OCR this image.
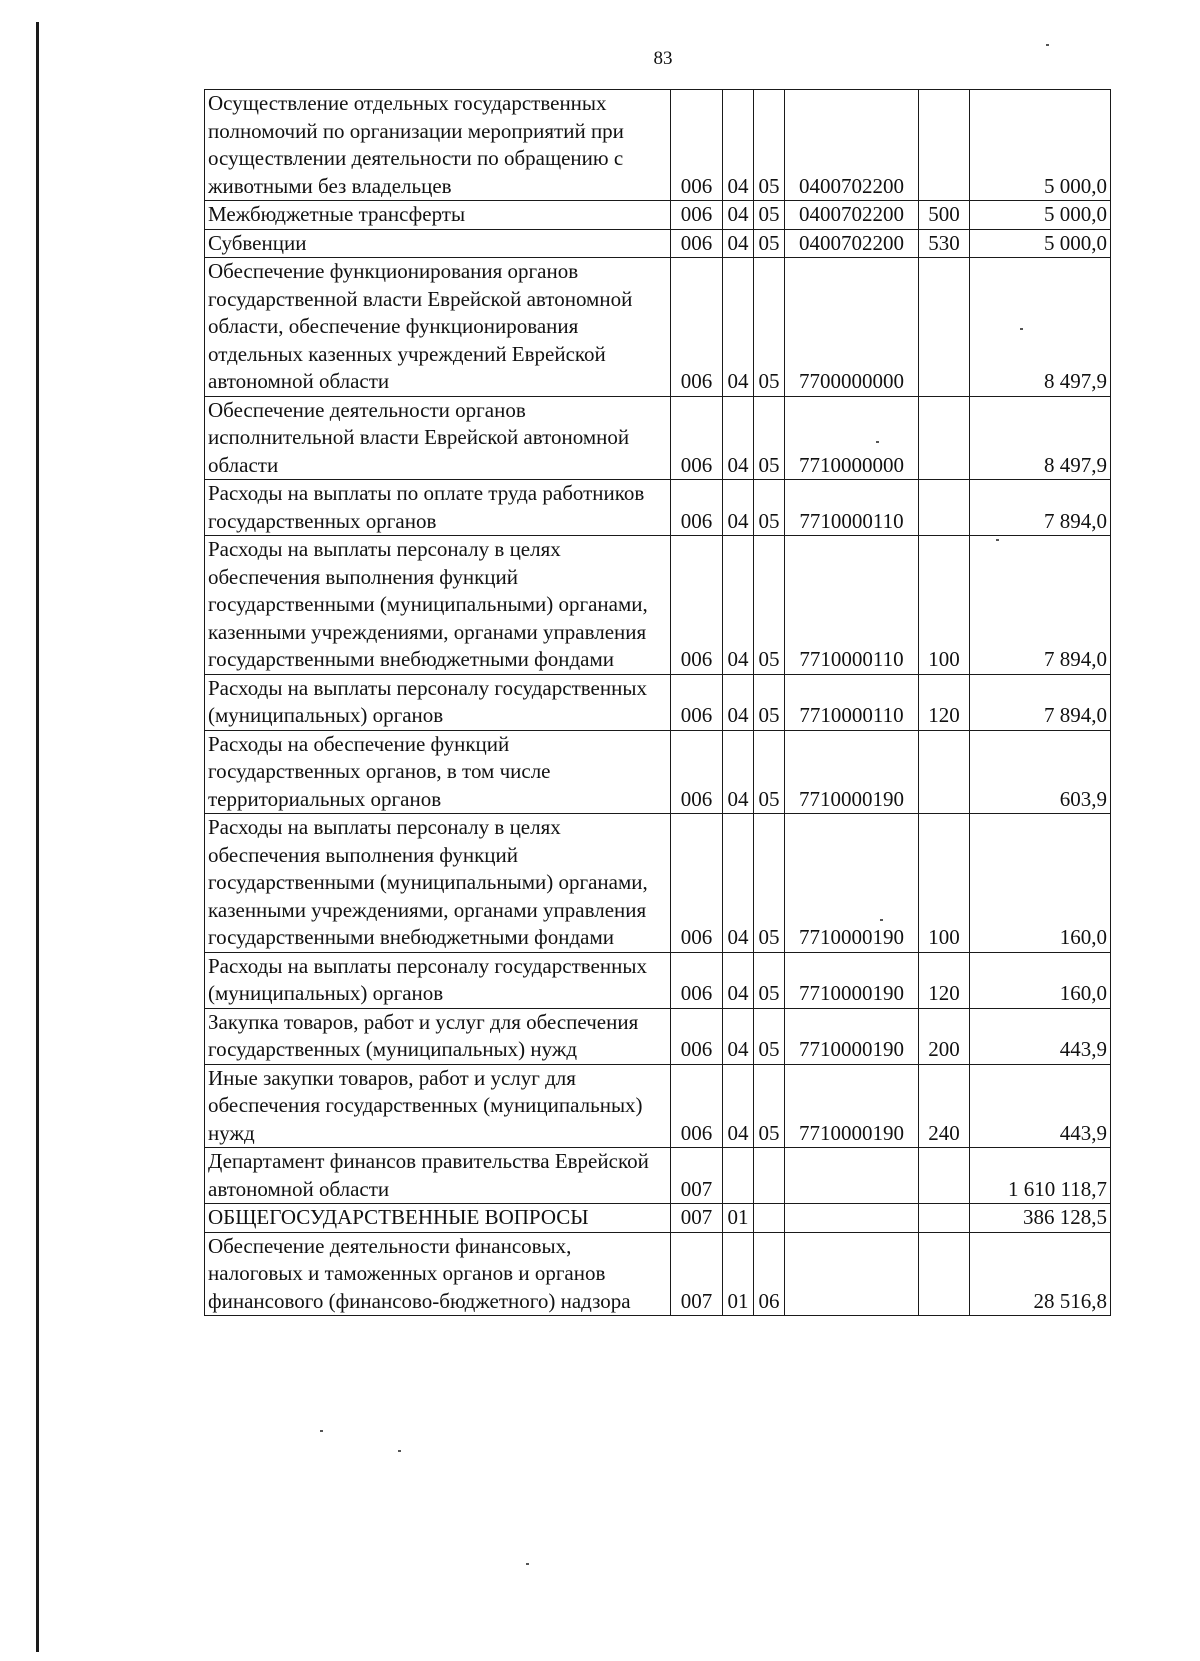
83
Осуществление отдельных государственных полномочий по организации мероприятий при осуществлении деятельности по обращению с животными без владельцев	006	04	05	0400702200		5 000,0
Межбюджетные трансферты	006	04	05	0400702200	500	5 000,0
Субвенции	006	04	05	0400702200	530	5 000,0
Обеспечение функционирования органов государственной власти Еврейской автономной области, обеспечение функционирования отдельных казенных учреждений Еврейской автономной области	006	04	05	7700000000		8 497,9
Обеспечение деятельности органов исполнительной власти Еврейской автономной области	006	04	05	7710000000		8 497,9
Расходы на выплаты по оплате труда работников государственных органов	006	04	05	7710000110		7 894,0
Расходы на выплаты персоналу в целях обеспечения выполнения функций государственными (муниципальными) органами, казенными учреждениями, органами управления государственными внебюджетными фондами	006	04	05	7710000110	100	7 894,0
Расходы на выплаты персоналу государственных (муниципальных) органов	006	04	05	7710000110	120	7 894,0
Расходы на обеспечение функций государственных органов, в том числе территориальных органов	006	04	05	7710000190		603,9
Расходы на выплаты персоналу в целях обеспечения выполнения функций государственными (муниципальными) органами, казенными учреждениями, органами управления государственными внебюджетными фондами	006	04	05	7710000190	100	160,0
Расходы на выплаты персоналу государственных (муниципальных) органов	006	04	05	7710000190	120	160,0
Закупка товаров, работ и услуг для обеспечения государственных (муниципальных) нужд	006	04	05	7710000190	200	443,9
Иные закупки товаров, работ и услуг для обеспечения государственных (муниципальных) нужд	006	04	05	7710000190	240	443,9
Департамент финансов правительства Еврейской автономной области	007					1 610 118,7
ОБЩЕГОСУДАРСТВЕННЫЕ ВОПРОСЫ	007	01				386 128,5
Обеспечение деятельности финансовых, налоговых и таможенных органов и органов финансового (финансово-бюджетного) надзора	007	01	06			28 516,8
